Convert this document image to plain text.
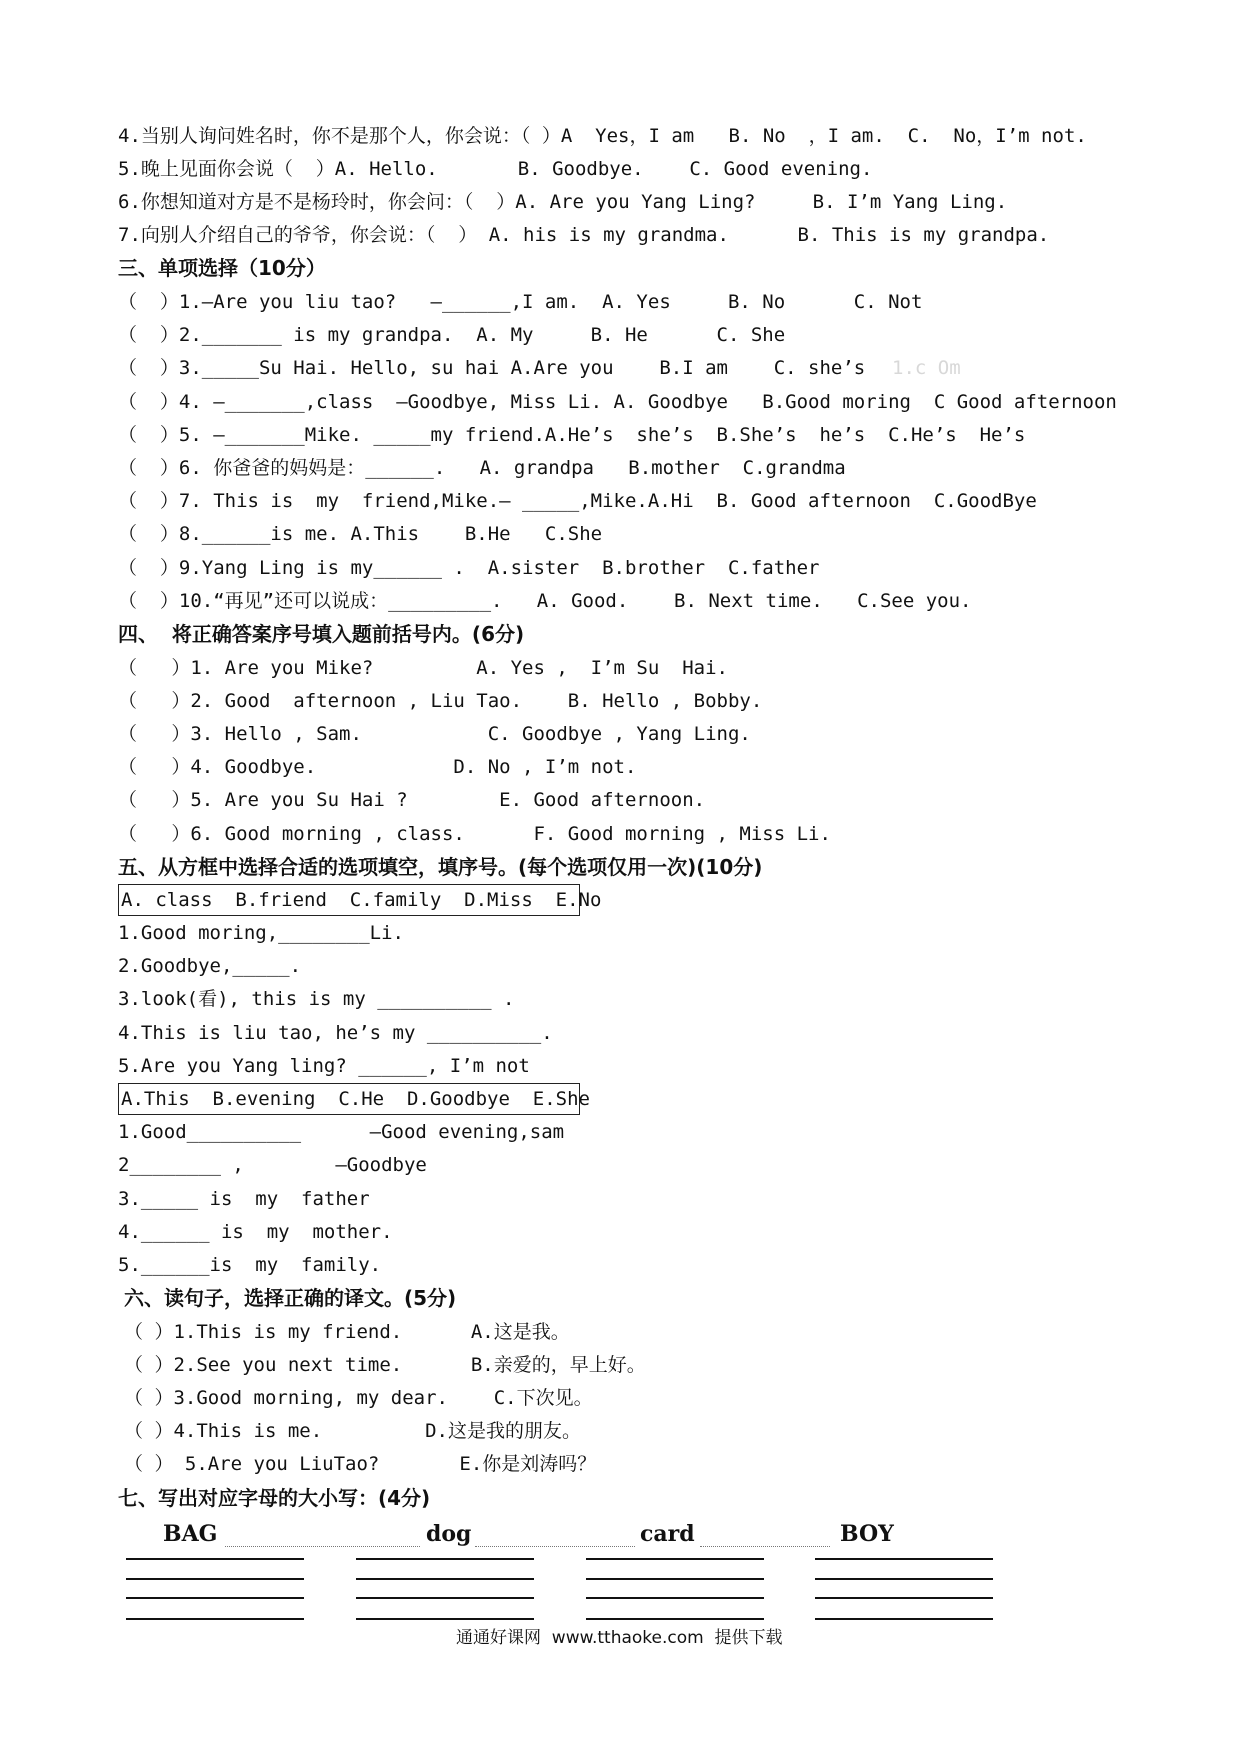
4.当别人询问姓名时，你不是那个人，你会说：（ ）A  Yes，I am   B. No  ，I am.  C.  No，I’m not.
5.晚上见面你会说（  ）A. Hello.       B. Goodbye.    C. Good evening.
6.你想知道对方是不是杨玲时，你会问：（  ）A. Are you Yang Ling?     B. I’m Yang Ling.
7.向别人介绍自己的爷爷，你会说：（  ） A. his is my grandma.      B. This is my grandpa.
三、单项选择（10分）
（  ）1.—Are you liu tao?   —______,I am.  A. Yes     B. No      C. Not
（  ）2._______ is my grandpa.  A. My     B. He      C. She
（  ）3._____Su Hai. Hello, su hai A.Are you    B.I am    C. she’s 1.c Om
（  ）4. —_______,class  —Goodbye, Miss Li. A. Goodbye   B.Good moring  C Good afternoon
（  ）5. —_______Mike. _____my friend.A.He’s  she’s  B.She’s  he’s  C.He’s  He’s
（  ）6. 你爸爸的妈妈是：______.   A. grandpa   B.mother  C.grandma
（  ）7. This is  my  friend,Mike.— _____,Mike.A.Hi  B. Good afternoon  C.GoodBye
（  ）8.______is me. A.This    B.He   C.She
（  ）9.Yang Ling is my______ .  A.sister  B.brother  C.father
（  ）10.“再见”还可以说成：_________.   A. Good.    B. Next time.   C.See you.
四、  将正确答案序号填入题前括号内。(6分)
（   ）1. Are you Mike?         A. Yes ,  I’m Su  Hai.
（   ）2. Good  afternoon , Liu Tao.    B. Hello , Bobby.
（   ）3. Hello , Sam.           C. Goodbye , Yang Ling.
（   ）4. Goodbye.            D. No , I’m not.
（   ）5. Are you Su Hai ?        E. Good afternoon.
（   ）6. Good morning , class.      F. Good morning , Miss Li.
五、从方框中选择合适的选项填空，填序号。(每个选项仅用一次)(10分)
A. class  B.friend  C.family  D.Miss  E.No
1.Good moring,________Li.
2.Goodbye,_____.
3.look(看), this is my __________ .
4.This is liu tao, he’s my __________.
5.Are you Yang ling? ______, I’m not
A.This  B.evening  C.He  D.Goodbye  E.She
1.Good__________      —Good evening,sam
2________ ,        —Goodbye
3._____ is  my  father
4.______ is  my  mother.
5.______is  my  family.
六、读句子，选择正确的译文。(5分)
（ ）1.This is my friend.      A.这是我。
（ ）2.See you next time.      B.亲爱的，早上好。
（ ）3.Good morning, my dear.    C.下次见。
（ ）4.This is me.         D.这是我的朋友。
（ ） 5.Are you LiuTao?       E.你是刘涛吗？
七、写出对应字母的大小写：(4分)
BAG	dog	card	BOY
通通好课网  www.tthaoke.com  提供下载
